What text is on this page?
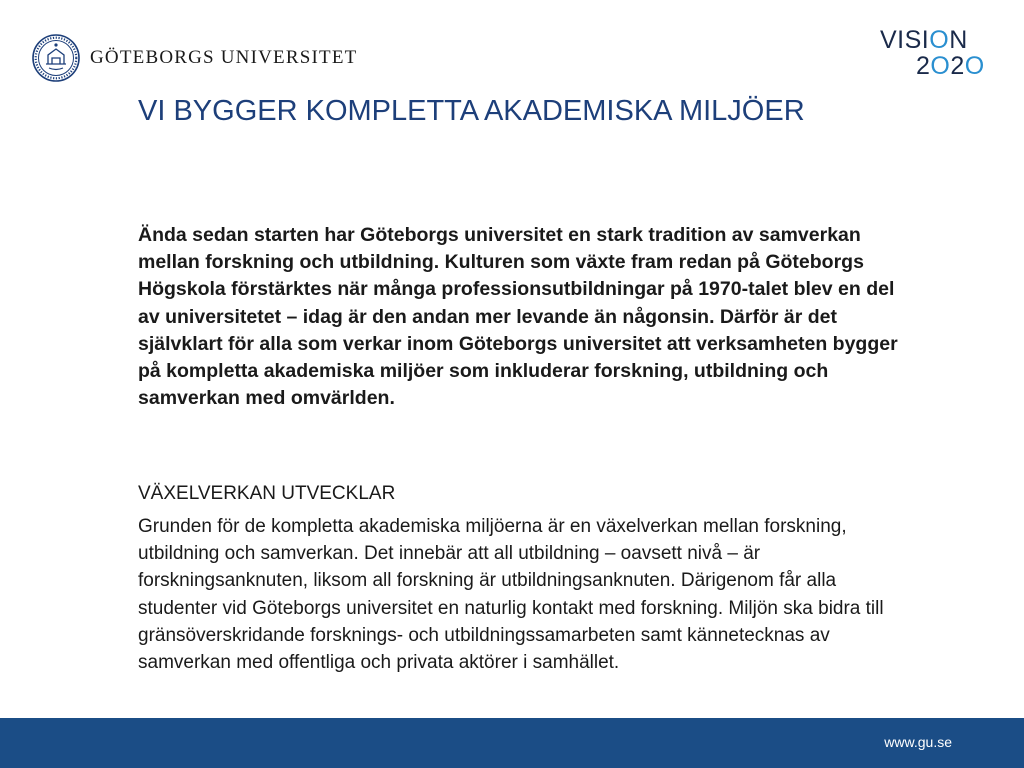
GÖTEBORGS UNIVERSITET
VISION
2O2O
VI BYGGER KOMPLETTA AKADEMISKA MILJÖER

Ända sedan starten har Göteborgs universitet en stark tradition av samverkan mellan forskning och utbildning. Kulturen som växte fram redan på Göteborgs Högskola förstärktes när många professionsutbildningar på 1970-talet blev en del av universitetet – idag är den andan mer levande än någonsin. Därför är det självklart för alla som verkar inom Göteborgs universitet att verksamheten bygger på kompletta akademiska miljöer som inkluderar forskning, utbildning och samverkan med omvärlden.

VÄXELVERKAN UTVECKLAR

Grunden för de kompletta akademiska miljöerna är en växelverkan mellan forskning, utbildning och samverkan. Det innebär att all utbildning – oavsett nivå – är forskningsanknuten, liksom all forskning är utbildningsanknuten. Därigenom får alla studenter vid Göteborgs universitet en naturlig kontakt med forskning. Miljön ska bidra till gränsöverskridande forsknings- och utbildningssamarbeten samt kännetecknas av samverkan med offentliga och privata aktörer i samhället.

www.gu.se
